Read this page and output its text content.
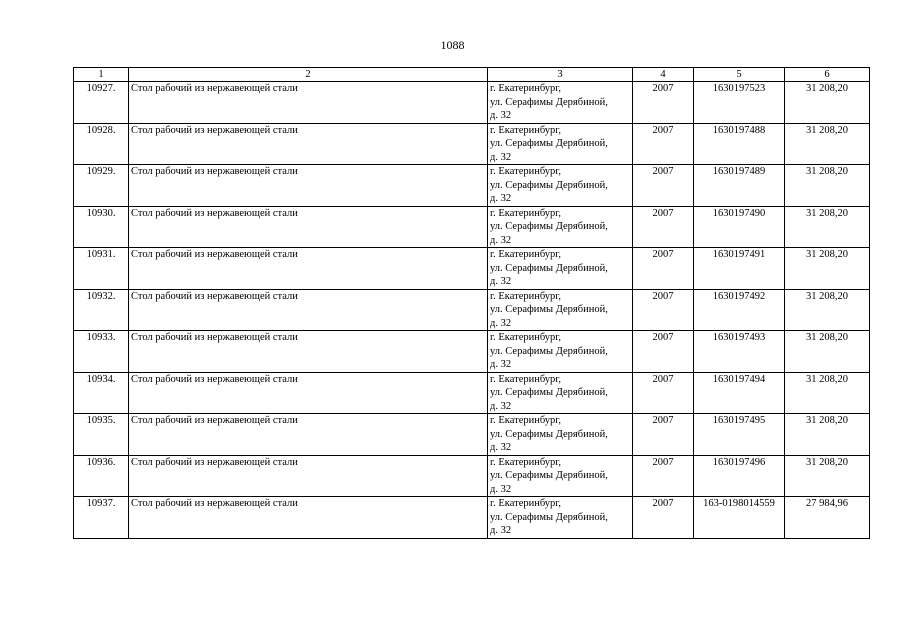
1088
1	2	3	4	5	6
10927.	Стол рабочий из нержавеющей стали	г. Екатеринбург,
ул. Серафимы Дерябиной,
д. 32	2007	1630197523	31 208,20
10928.	Стол рабочий из нержавеющей стали	г. Екатеринбург,
ул. Серафимы Дерябиной,
д. 32	2007	1630197488	31 208,20
10929.	Стол рабочий из нержавеющей стали	г. Екатеринбург,
ул. Серафимы Дерябиной,
д. 32	2007	1630197489	31 208,20
10930.	Стол рабочий из нержавеющей стали	г. Екатеринбург,
ул. Серафимы Дерябиной,
д. 32	2007	1630197490	31 208,20
10931.	Стол рабочий из нержавеющей стали	г. Екатеринбург,
ул. Серафимы Дерябиной,
д. 32	2007	1630197491	31 208,20
10932.	Стол рабочий из нержавеющей стали	г. Екатеринбург,
ул. Серафимы Дерябиной,
д. 32	2007	1630197492	31 208,20
10933.	Стол рабочий из нержавеющей стали	г. Екатеринбург,
ул. Серафимы Дерябиной,
д. 32	2007	1630197493	31 208,20
10934.	Стол рабочий из нержавеющей стали	г. Екатеринбург,
ул. Серафимы Дерябиной,
д. 32	2007	1630197494	31 208,20
10935.	Стол рабочий из нержавеющей стали	г. Екатеринбург,
ул. Серафимы Дерябиной,
д. 32	2007	1630197495	31 208,20
10936.	Стол рабочий из нержавеющей стали	г. Екатеринбург,
ул. Серафимы Дерябиной,
д. 32	2007	1630197496	31 208,20
10937.	Стол рабочий из нержавеющей стали	г. Екатеринбург,
ул. Серафимы Дерябиной,
д. 32	2007	163-0198014559	27 984,96
